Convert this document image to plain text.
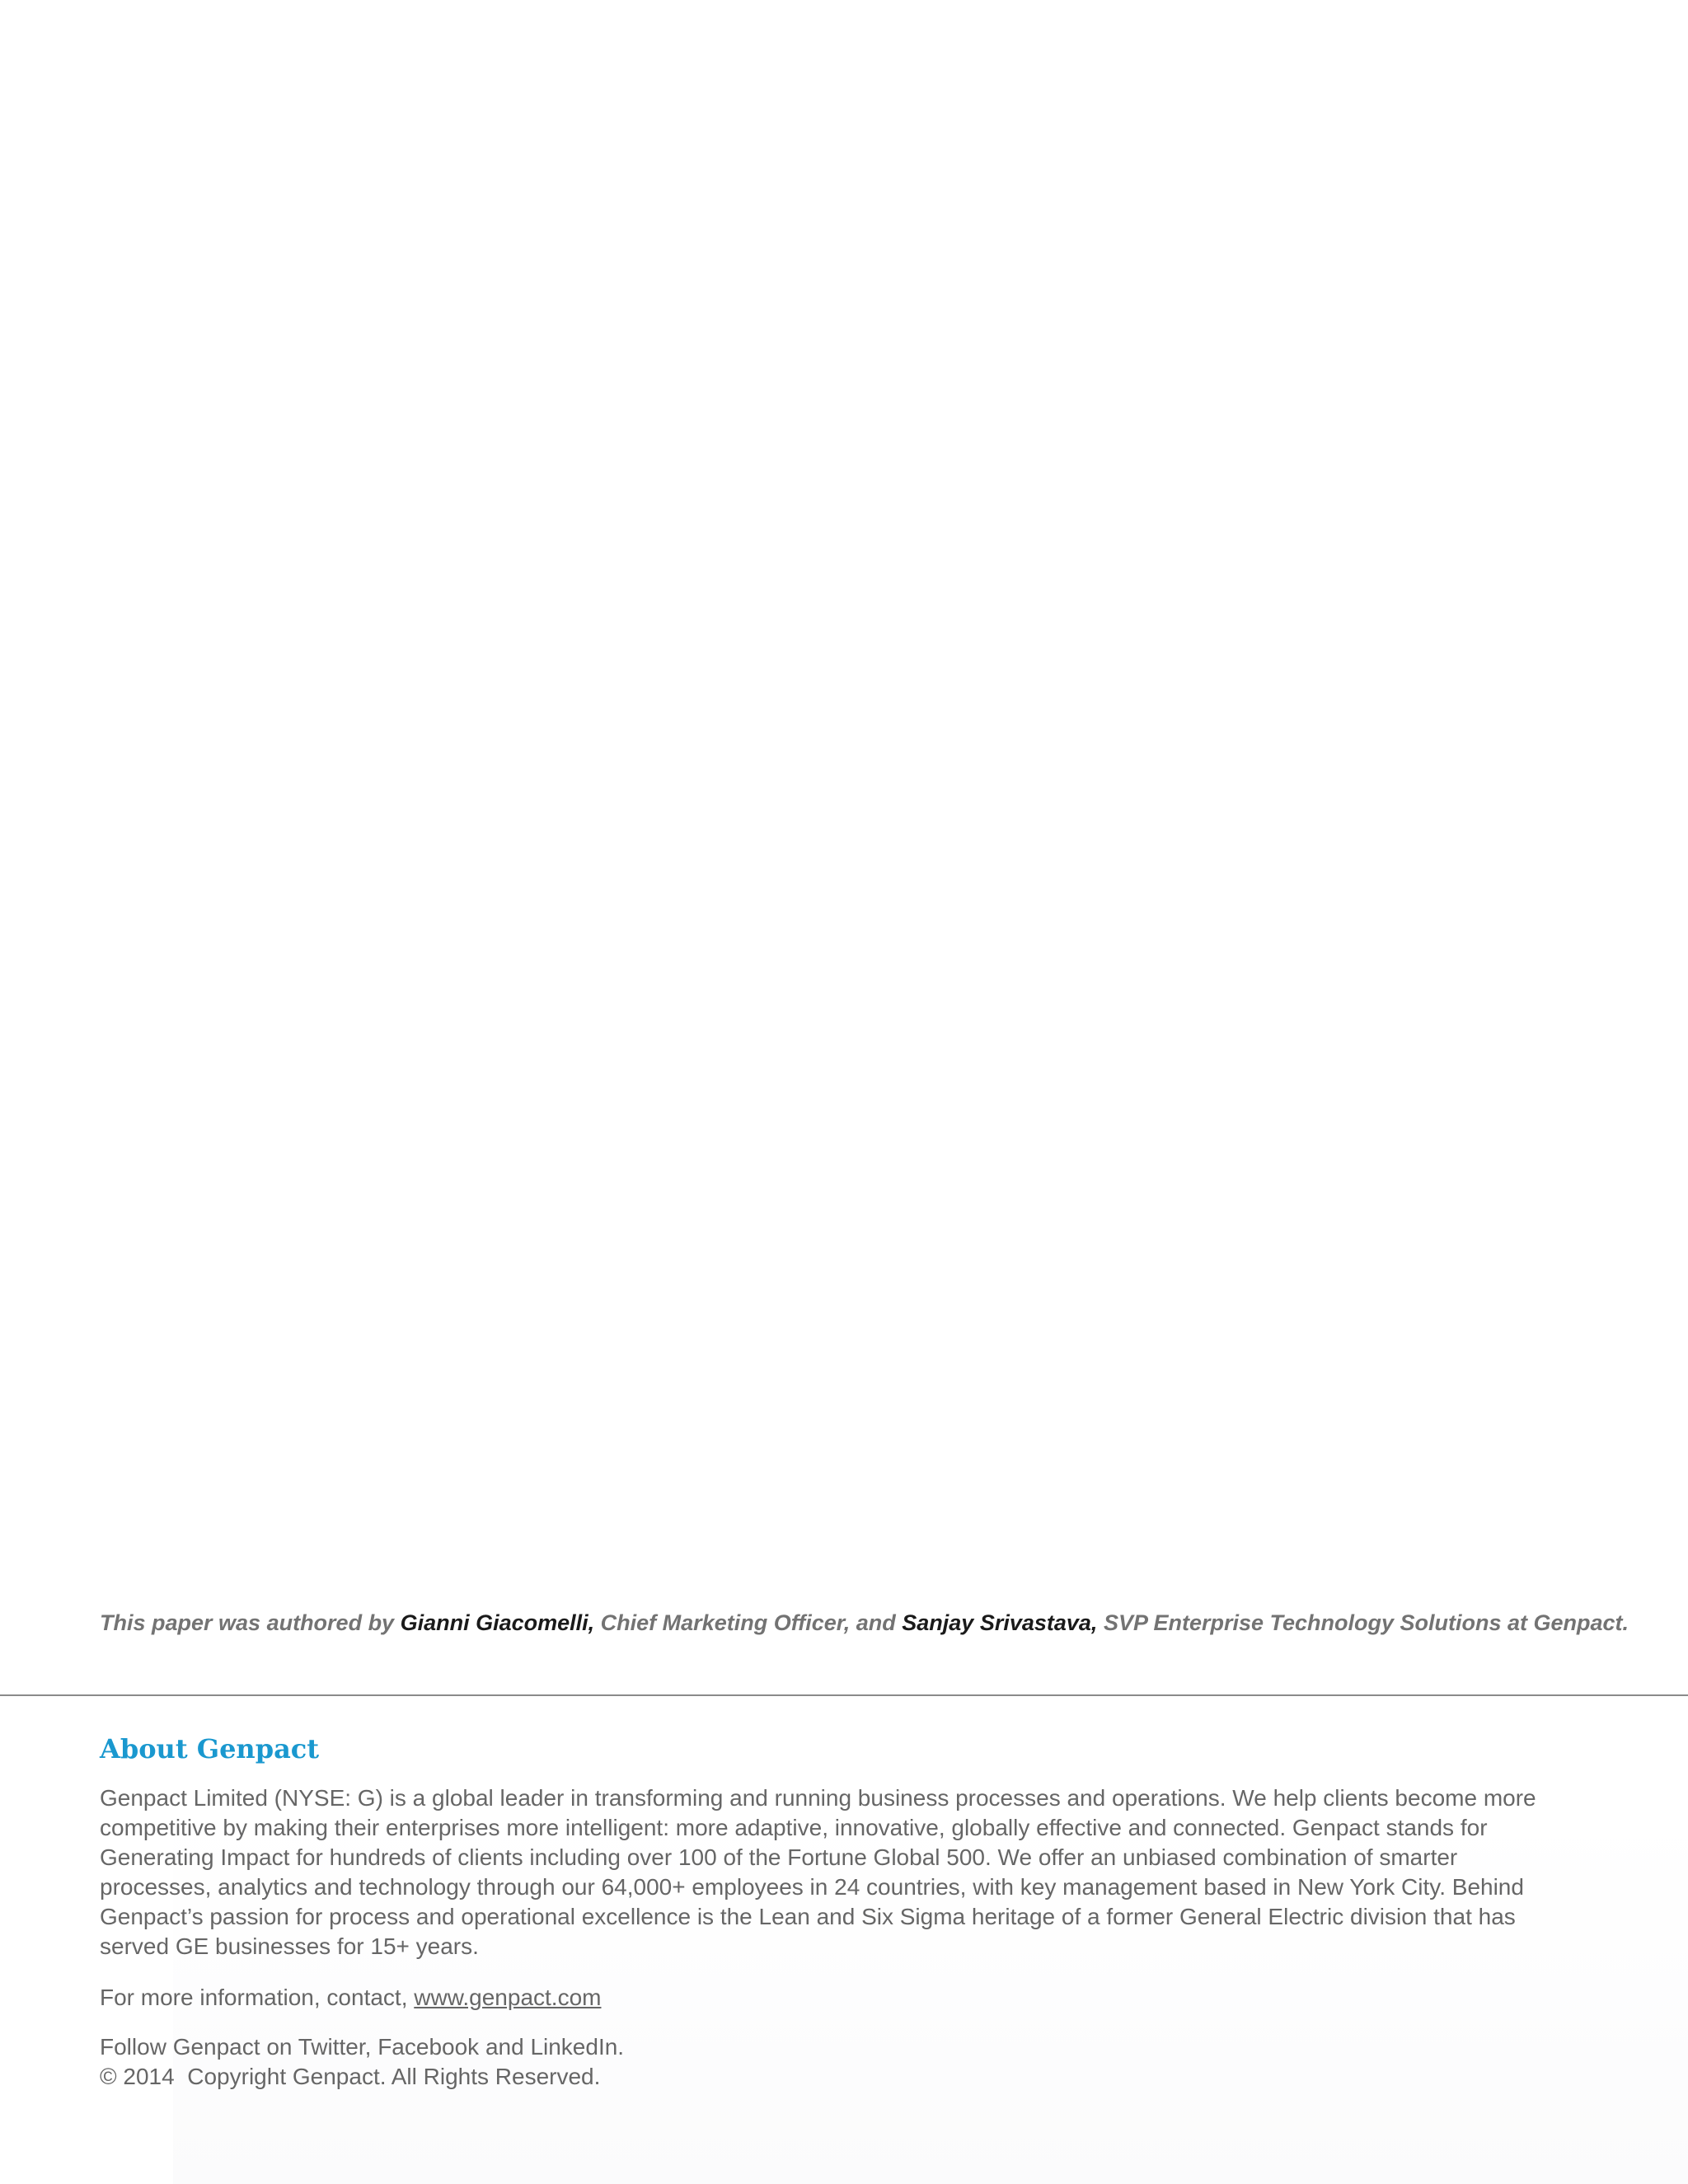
This paper was authored by Gianni Giacomelli, Chief Marketing Officer, and Sanjay Srivastava, SVP Enterprise Technology Solutions at Genpact.
About Genpact

Genpact Limited (NYSE: G) is a global leader in transforming and running business processes and operations. We help clients become more competitive by making their enterprises more intelligent: more adaptive, innovative, globally effective and connected. Genpact stands for Generating Impact for hundreds of clients including over 100 of the Fortune Global 500. We offer an unbiased combination of smarter processes, analytics and technology through our 64,000+ employees in 24 countries, with key management based in New York City. Behind Genpact’s passion for process and operational excellence is the Lean and Six Sigma heritage of a former General Electric division that has served GE businesses for 15+ years.

For more information, contact, www.genpact.com

Follow Genpact on Twitter, Facebook and LinkedIn.

© 2014  Copyright Genpact. All Rights Reserved.
